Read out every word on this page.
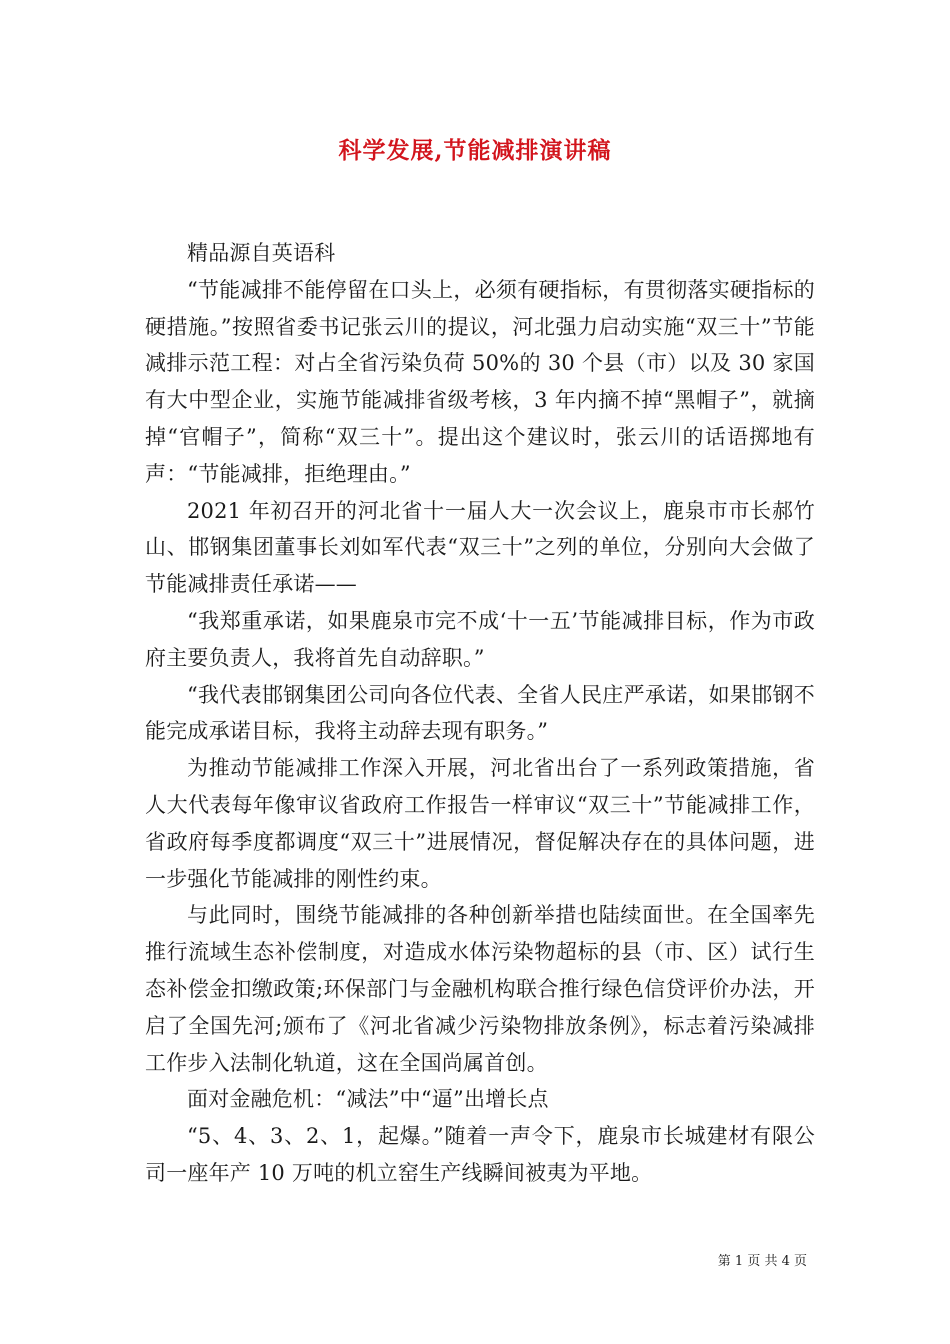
科学发展,节能减排演讲稿

精品源自英语科

“节能减排不能停留在口头上，必须有硬指标，有贯彻落实硬指标的硬措施。”按照省委书记张云川的提议，河北强力启动实施“双三十”节能减排示范工程：对占全省污染负荷 50%的 30 个县（市）以及 30 家国有大中型企业，实施节能减排省级考核，3 年内摘不掉“黑帽子”，就摘掉“官帽子”，简称“双三十”。提出这个建议时，张云川的话语掷地有声：“节能减排，拒绝理由。”

2021 年初召开的河北省十一届人大一次会议上，鹿泉市市长郝竹山、邯钢集团董事长刘如军代表“双三十”之列的单位，分别向大会做了节能减排责任承诺——

“我郑重承诺，如果鹿泉市完不成‘十一五’节能减排目标，作为市政府主要负责人，我将首先自动辞职。”

“我代表邯钢集团公司向各位代表、全省人民庄严承诺，如果邯钢不能完成承诺目标，我将主动辞去现有职务。”

为推动节能减排工作深入开展，河北省出台了一系列政策措施，省人大代表每年像审议省政府工作报告一样审议“双三十”节能减排工作，省政府每季度都调度“双三十”进展情况，督促解决存在的具体问题，进一步强化节能减排的刚性约束。

与此同时，围绕节能减排的各种创新举措也陆续面世。在全国率先推行流域生态补偿制度，对造成水体污染物超标的县（市、区）试行生态补偿金扣缴政策;环保部门与金融机构联合推行绿色信贷评价办法，开启了全国先河;颁布了《河北省减少污染物排放条例》，标志着污染减排工作步入法制化轨道，这在全国尚属首创。

面对金融危机：“减法”中“逼”出增长点

“5、4、3、2、1，起爆。”随着一声令下，鹿泉市长城建材有限公司一座年产 10 万吨的机立窑生产线瞬间被夷为平地。

第 1 页 共 4 页
